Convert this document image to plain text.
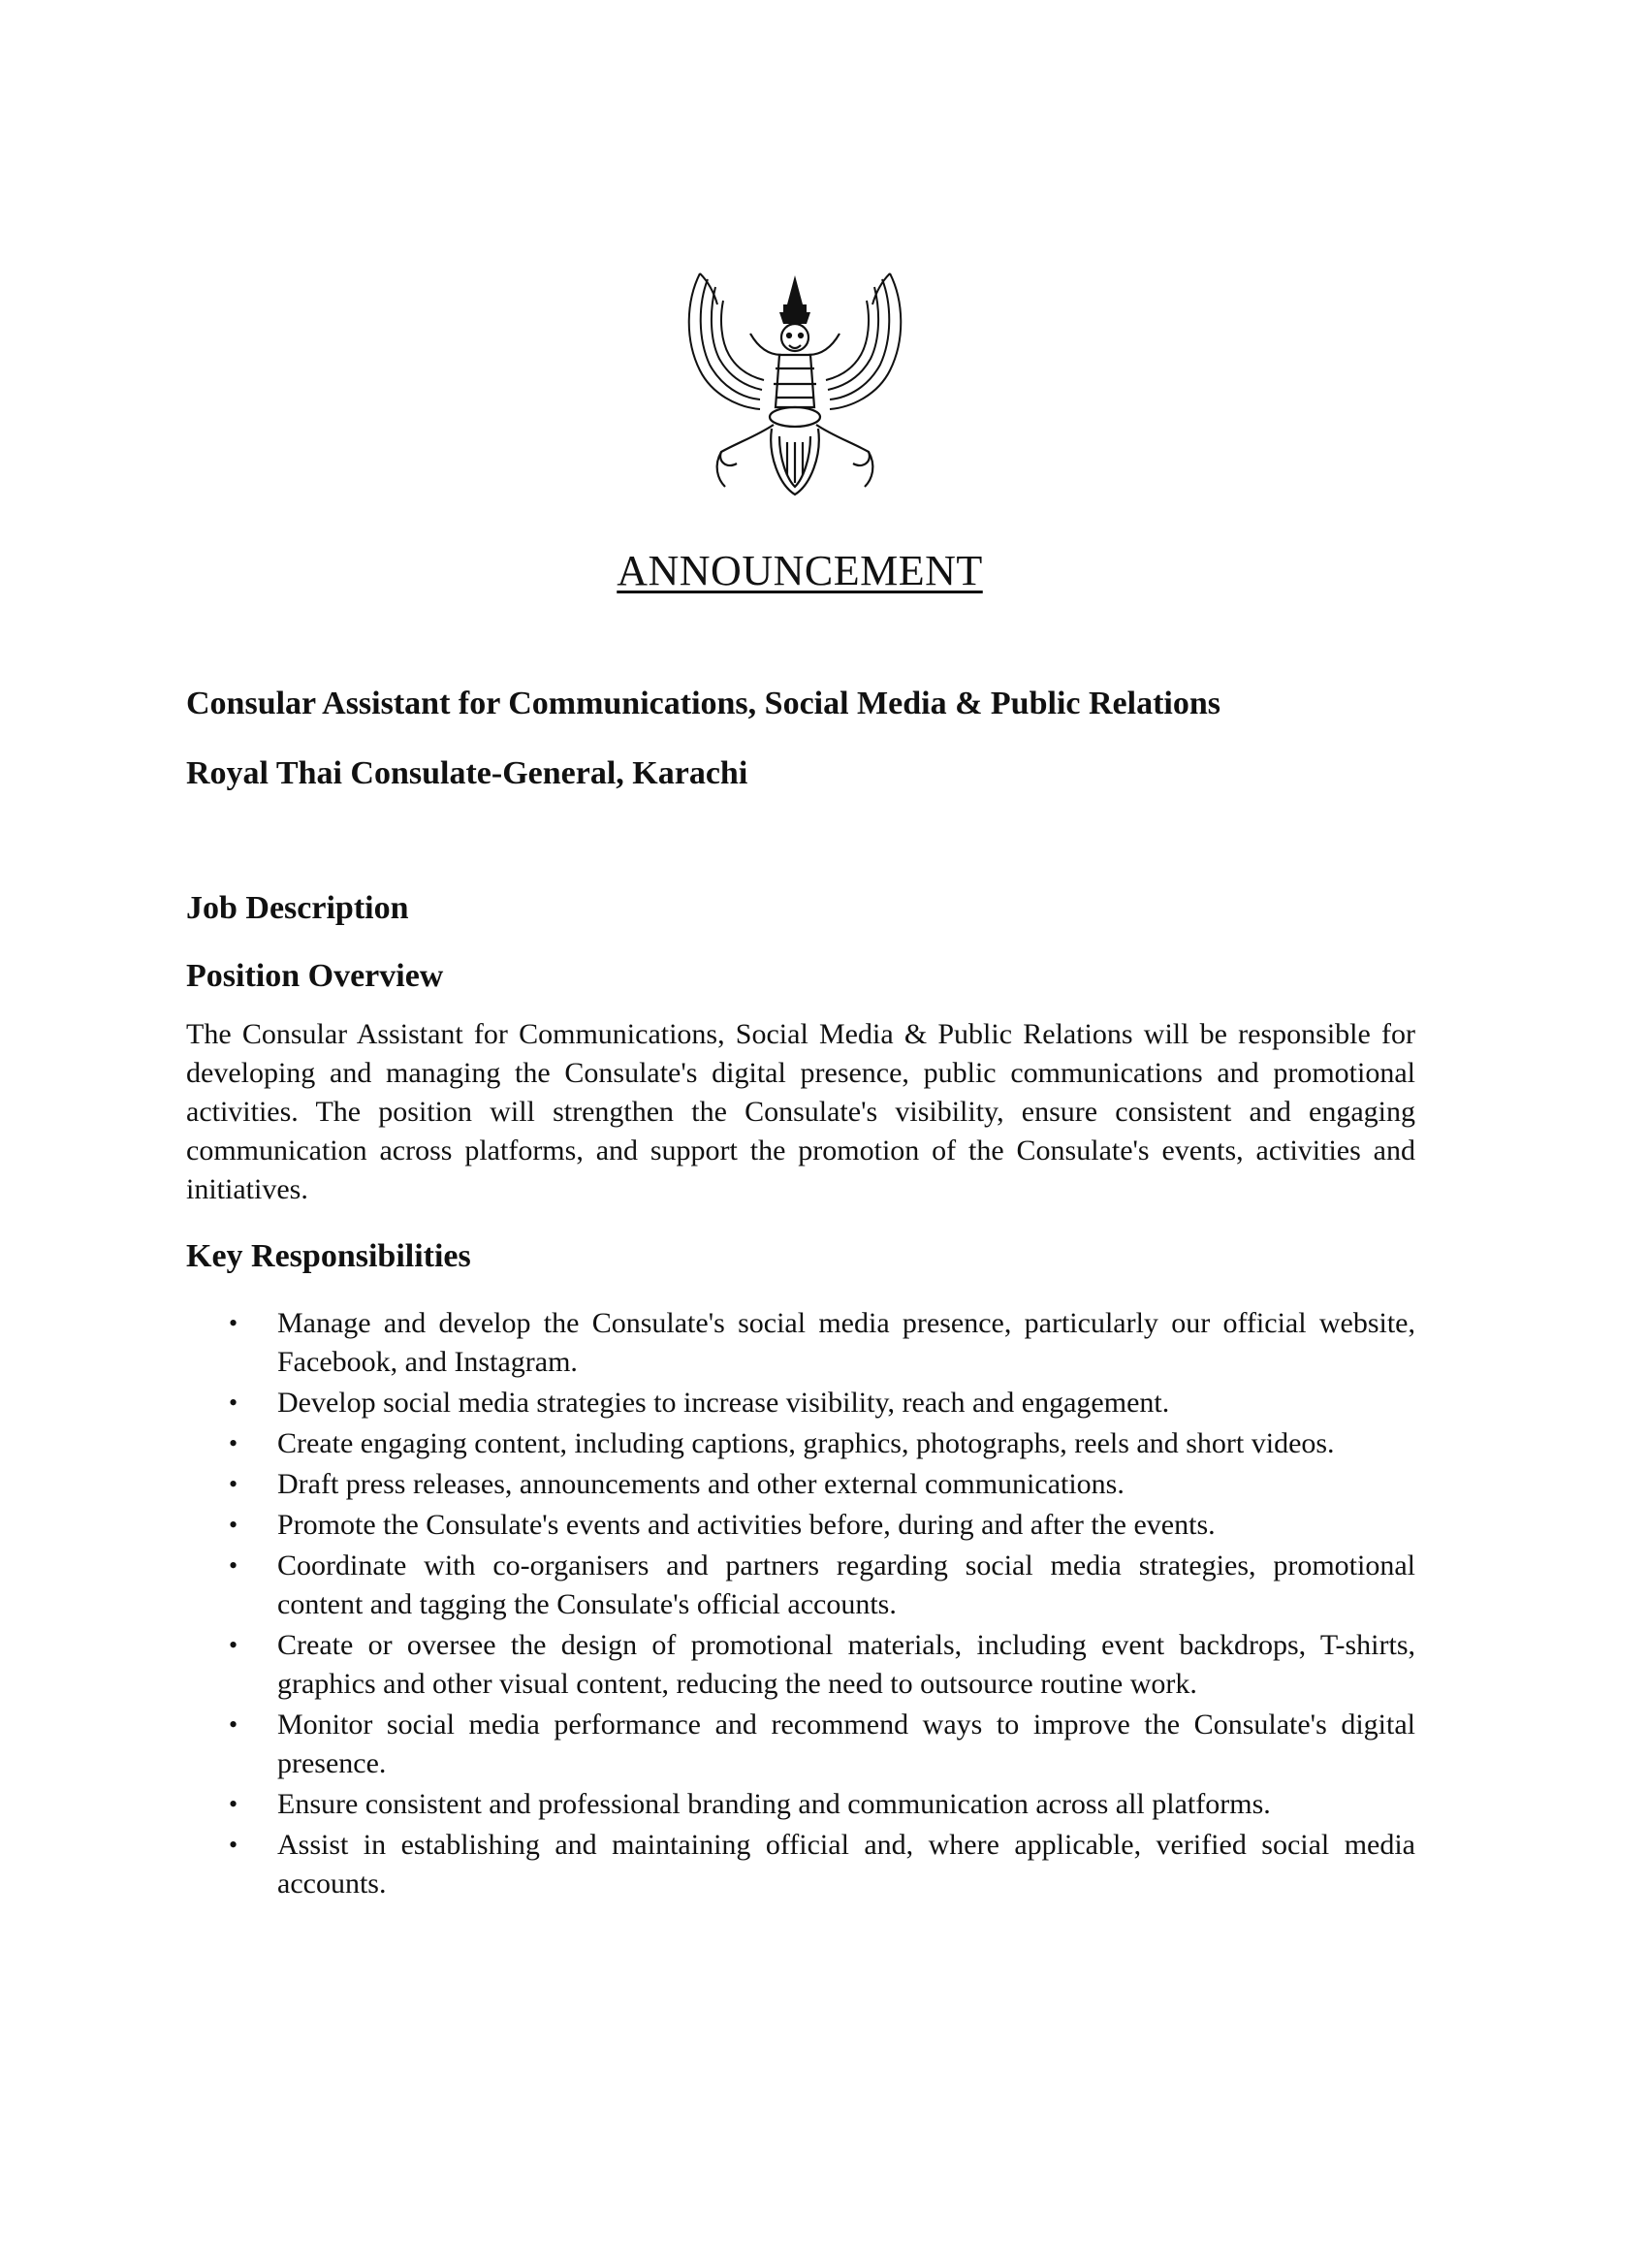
ANNOUNCEMENT
Consular Assistant for Communications, Social Media & Public Relations
Royal Thai Consulate-General, Karachi
Job Description
Position Overview

The Consular Assistant for Communications, Social Media & Public Relations will be responsible for developing and managing the Consulate's digital presence, public communications and promotional activities. The position will strengthen the Consulate's visibility, ensure consistent and engaging communication across platforms, and support the promotion of the Consulate's events, activities and initiatives.

Key Responsibilities
• Manage and develop the Consulate's social media presence, particularly our official website, Facebook, and Instagram.
• Develop social media strategies to increase visibility, reach and engagement.
• Create engaging content, including captions, graphics, photographs, reels and short videos.
• Draft press releases, announcements and other external communications.
• Promote the Consulate's events and activities before, during and after the events.
• Coordinate with co-organisers and partners regarding social media strategies, promotional content and tagging the Consulate's official accounts.
• Create or oversee the design of promotional materials, including event backdrops, T-shirts, graphics and other visual content, reducing the need to outsource routine work.
• Monitor social media performance and recommend ways to improve the Consulate's digital presence.
• Ensure consistent and professional branding and communication across all platforms.
• Assist in establishing and maintaining official and, where applicable, verified social media accounts.
